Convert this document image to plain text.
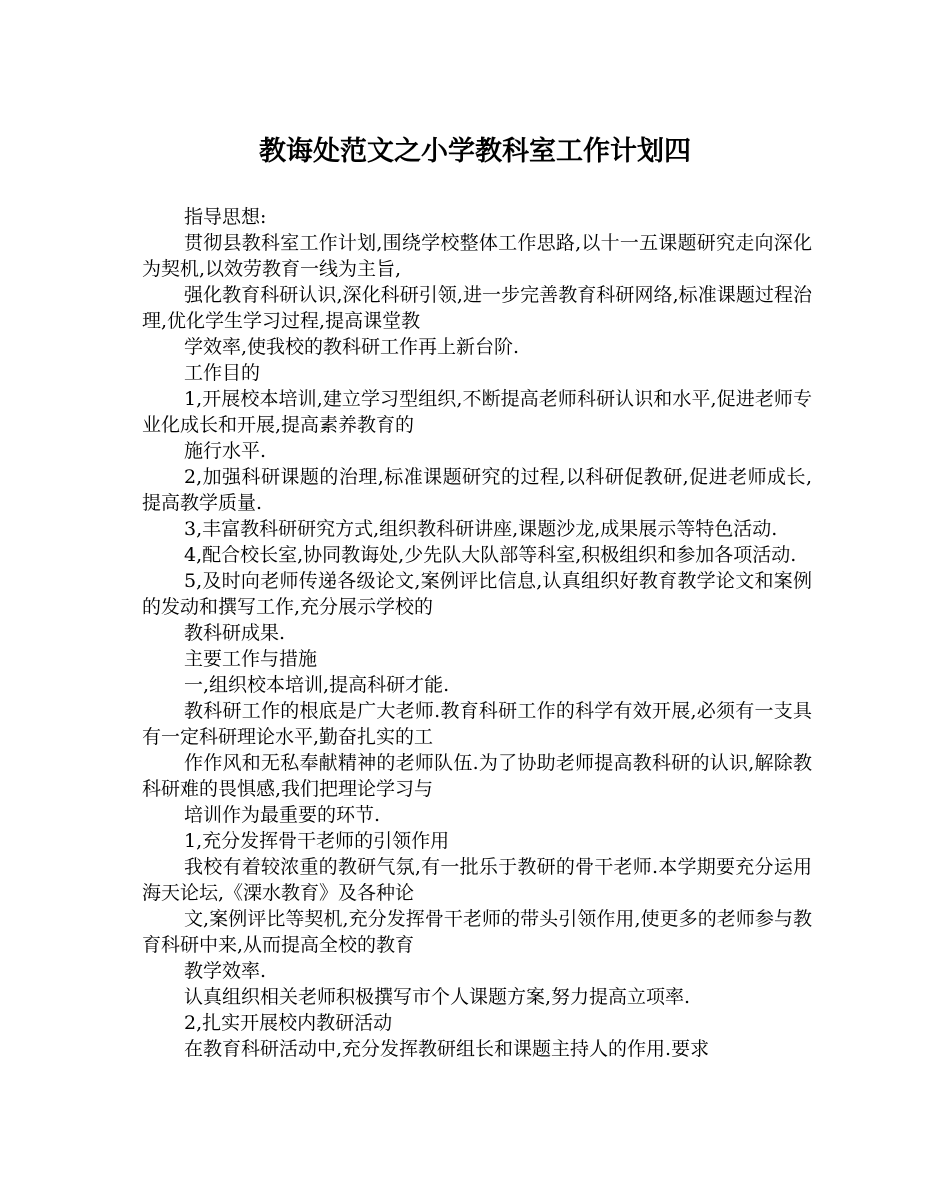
教诲处范文之小学教科室工作计划四

指导思想:

贯彻县教科室工作计划,围绕学校整体工作思路,以十一五课题研究走向深化为契机,以效劳教育一线为主旨,

强化教育科研认识,深化科研引领,进一步完善教育科研网络,标准课题过程治理,优化学生学习过程,提高课堂教

学效率,使我校的教科研工作再上新台阶.

工作目的

1,开展校本培训,建立学习型组织,不断提高老师科研认识和水平,促进老师专业化成长和开展,提高素养教育的

施行水平.

2,加强科研课题的治理,标准课题研究的过程,以科研促教研,促进老师成长,提高教学质量.

3,丰富教科研研究方式,组织教科研讲座,课题沙龙,成果展示等特色活动.

4,配合校长室,协同教诲处,少先队大队部等科室,积极组织和参加各项活动.

5,及时向老师传递各级论文,案例评比信息,认真组织好教育教学论文和案例的发动和撰写工作,充分展示学校的

教科研成果.

主要工作与措施

一,组织校本培训,提高科研才能.

教科研工作的根底是广大老师.教育科研工作的科学有效开展,必须有一支具有一定科研理论水平,勤奋扎实的工

作作风和无私奉献精神的老师队伍.为了协助老师提高教科研的认识,解除教科研难的畏惧感,我们把理论学习与

培训作为最重要的环节.

1,充分发挥骨干老师的引领作用

我校有着较浓重的教研气氛,有一批乐于教研的骨干老师.本学期要充分运用海天论坛,《溧水教育》及各种论

文,案例评比等契机,充分发挥骨干老师的带头引领作用,使更多的老师参与教育科研中来,从而提高全校的教育

教学效率.

认真组织相关老师积极撰写市个人课题方案,努力提高立项率.

2,扎实开展校内教研活动

在教育科研活动中,充分发挥教研组长和课题主持人的作用.要求
